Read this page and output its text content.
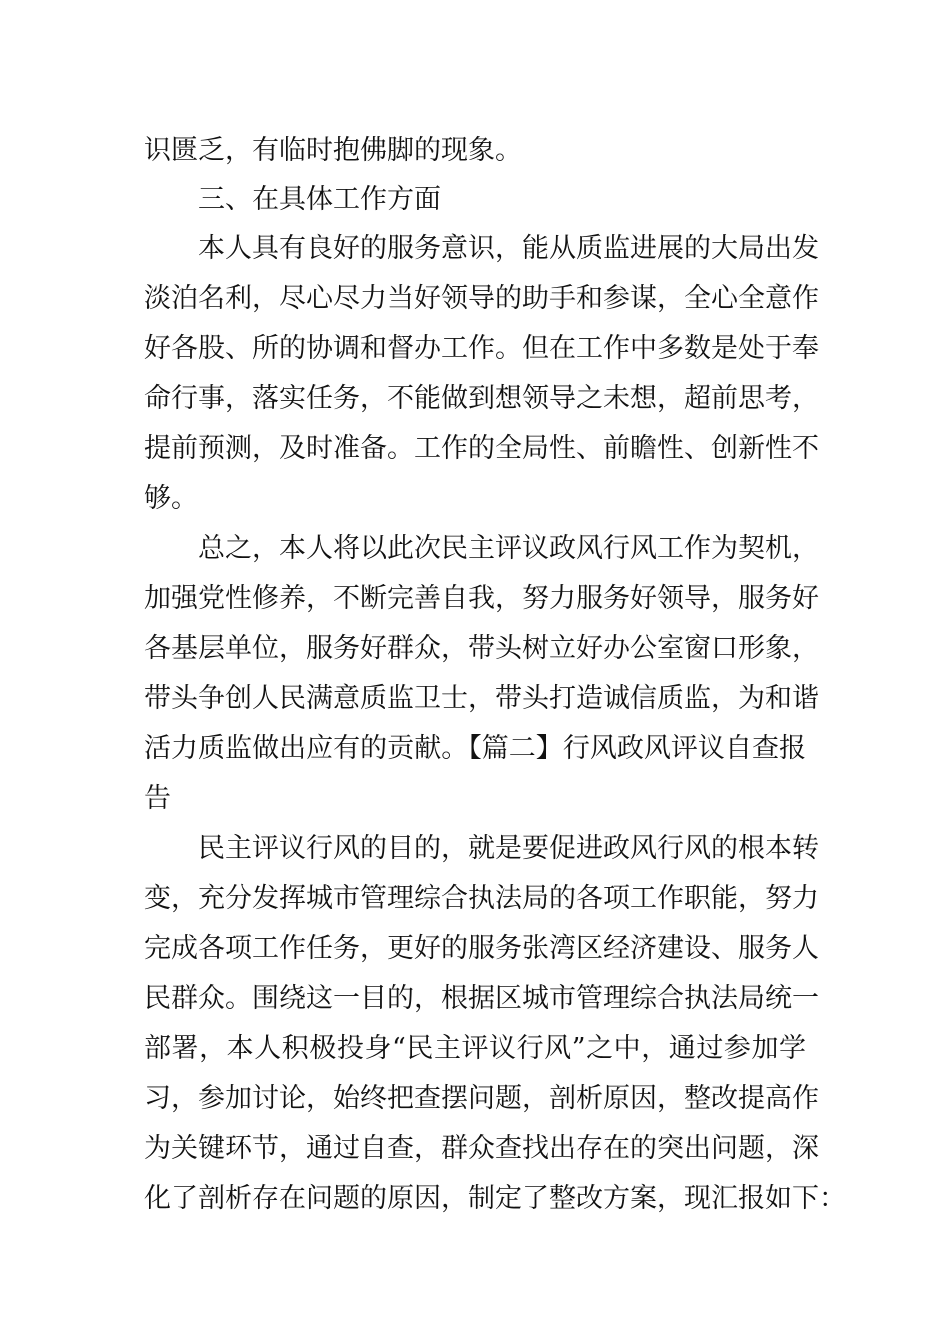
识匮乏，有临时抱佛脚的现象。
三、在具体工作方面
本人具有良好的服务意识，能从质监进展的大局出发
淡泊名利，尽心尽力当好领导的助手和参谋，全心全意作
好各股、所的协调和督办工作。但在工作中多数是处于奉
命行事，落实任务，不能做到想领导之未想，超前思考，
提前预测，及时准备。工作的全局性、前瞻性、创新性不
够。
总之，本人将以此次民主评议政风行风工作为契机，
加强党性修养，不断完善自我，努力服务好领导，服务好
各基层单位，服务好群众，带头树立好办公室窗口形象，
带头争创人民满意质监卫士，带头打造诚信质监，为和谐
活力质监做出应有的贡献。【篇二】行风政风评议自查报
告
民主评议行风的目的，就是要促进政风行风的根本转
变，充分发挥城市管理综合执法局的各项工作职能，努力
完成各项工作任务，更好的服务张湾区经济建设、服务人
民群众。围绕这一目的，根据区城市管理综合执法局统一
部署，本人积极投身“民主评议行风”之中，通过参加学
习，参加讨论，始终把查摆问题，剖析原因，整改提高作
为关键环节，通过自查，群众查找出存在的突出问题，深
化了剖析存在问题的原因，制定了整改方案，现汇报如下：
